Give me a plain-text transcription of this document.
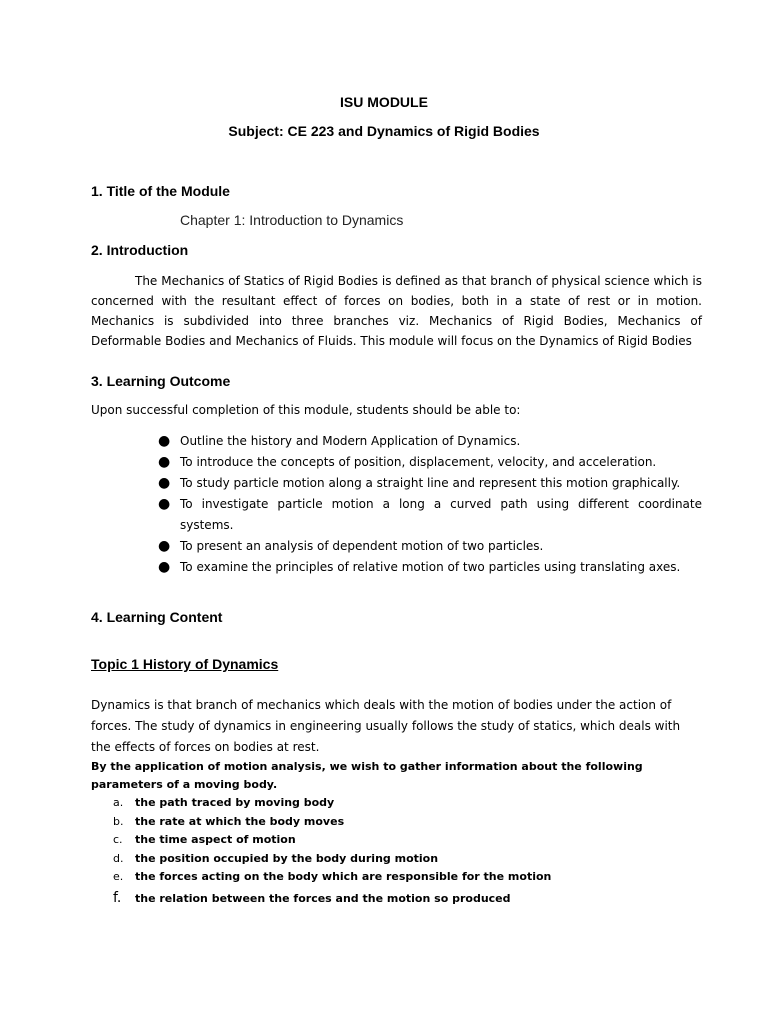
ISU MODULE
Subject: CE 223 and Dynamics of Rigid Bodies
1. Title of the Module
Chapter 1: Introduction to Dynamics
2. Introduction
The Mechanics of Statics of Rigid Bodies is defined as that branch of physical science which is concerned with the resultant effect of forces on bodies, both in a state of rest or in motion. Mechanics is subdivided into three branches viz. Mechanics of Rigid Bodies, Mechanics of Deformable Bodies and Mechanics of Fluids. This module will focus on the Dynamics of Rigid Bodies
3. Learning Outcome
Upon successful completion of this module, students should be able to:
● Outline the history and Modern Application of Dynamics.
● To introduce the concepts of position, displacement, velocity, and acceleration.
● To study particle motion along a straight line and represent this motion graphically.
● To investigate particle motion a long a curved path using different coordinate systems.
● To present an analysis of dependent motion of two particles.
● To examine the principles of relative motion of two particles using translating axes.
4. Learning Content
Topic 1 History of Dynamics
Dynamics is that branch of mechanics which deals with the motion of bodies under the action of forces. The study of dynamics in engineering usually follows the study of statics, which deals with the effects of forces on bodies at rest.
By the application of motion analysis, we wish to gather information about the following parameters of a moving body.
a. the path traced by moving body
b. the rate at which the body moves
c. the time aspect of motion
d. the position occupied by the body during motion
e. the forces acting on the body which are responsible for the motion
f. the relation between the forces and the motion so produced
